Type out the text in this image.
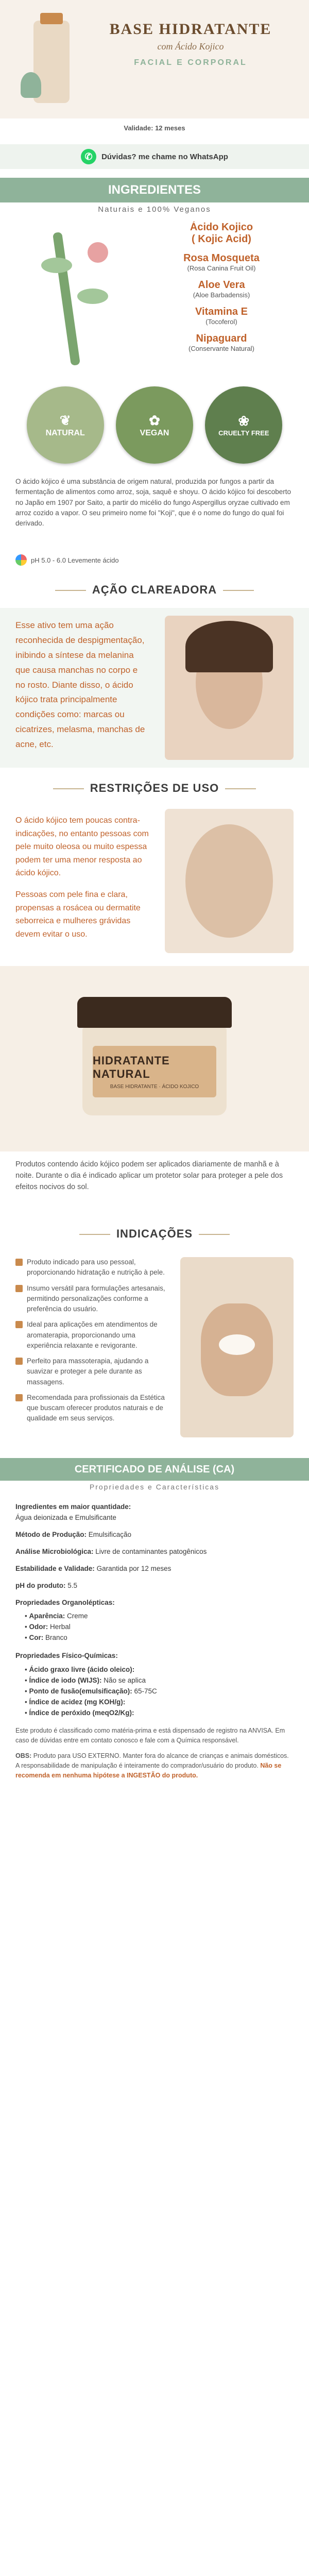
BASE HIDRATANTE
com Ácido Kojico
FACIAL E CORPORAL
Validade: 12 meses
✆	Dúvidas? me chame no WhatsApp
INGREDIENTES
Naturais e 100% Veganos
Ácido Kojico
( Kojic Acid)
Rosa Mosqueta
(Rosa Canina Fruit Oil)
Aloe Vera
(Aloe Barbadensis)
Vitamina E
(Tocoferol)
Nipaguard
(Conservante Natural)
❦
NATURAL
✿
VEGAN
❀
CRUELTY FREE

O ácido kójico é uma substância de origem natural, produzida por fungos a partir da fermentação de alimentos como arroz, soja, saquê e shoyu. O ácido kójico foi descoberto no Japão em 1907 por Saito, a partir do micélio do fungo Aspergillus oryzae cultivado em arroz cozido a vapor. O seu primeiro nome foi "Koji", que é o nome do fungo do qual foi derivado.

pH 5.0 - 6.0 Levemente ácido
AÇÃO CLAREADORA

Esse ativo tem uma ação reconhecida de despigmentação, inibindo a síntese da melanina que causa manchas no corpo e no rosto. Diante disso, o ácido kójico trata principalmente condições como: marcas ou cicatrizes, melasma, manchas de acne, etc.

RESTRIÇÕES DE USO

O ácido kójico tem poucas contra-indicações, no entanto pessoas com pele muito oleosa ou muito espessa podem ter uma menor resposta ao ácido kójico.

Pessoas com pele fina e clara, propensas a rosácea ou dermatite seborreica e mulheres grávidas devem evitar o uso.

HIDRATANTE NATURAL
BASE HIDRATANTE · ÁCIDO KOJICO

Produtos contendo ácido kójico podem ser aplicados diariamente de manhã e à noite. Durante o dia é indicado aplicar um protetor solar para proteger a pele dos efeitos nocivos do sol.

INDICAÇÕES
Produto indicado para uso pessoal, proporcionando hidratação e nutrição à pele.
Insumo versátil para formulações artesanais, permitindo personalizações conforme a preferência do usuário.
Ideal para aplicações em atendimentos de aromaterapia, proporcionando uma experiência relaxante e revigorante.
Perfeito para massoterapia, ajudando a suavizar e proteger a pele durante as massagens.
Recomendada para profissionais da Estética que buscam oferecer produtos naturais e de qualidade em seus serviços.
CERTIFICADO DE ANÁLISE (CA)
Propriedades e Características
Ingredientes em maior quantidade:
Água deionizada e Emulsificante
Método de Produção: Emulsificação
Análise Microbiológica: Livre de contaminantes patogênicos
Estabilidade e Validade: Garantida por 12 meses
pH do produto: 5.5
Propriedades Organolépticas:
• Aparência: Creme
• Odor: Herbal
• Cor: Branco
Propriedades Físico-Químicas:
• Ácido graxo livre (ácido oleico):
• Índice de iodo (WIJS): Não se aplica
• Ponto de fusão(emulsificação): 65-75C
• Índice de acidez (mg KOH/g):
• Índice de peróxido (meqO2/Kg):

Este produto é classificado como matéria-prima e está dispensado de registro na ANVISA. Em caso de dúvidas entre em contato conosco e fale com a Química responsável.

OBS: Produto para USO EXTERNO. Manter fora do alcance de crianças e animais domésticos. A responsabilidade de manipulação é inteiramente do comprador/usuário do produto. Não se recomenda em nenhuma hipótese a INGESTÃO do produto.
